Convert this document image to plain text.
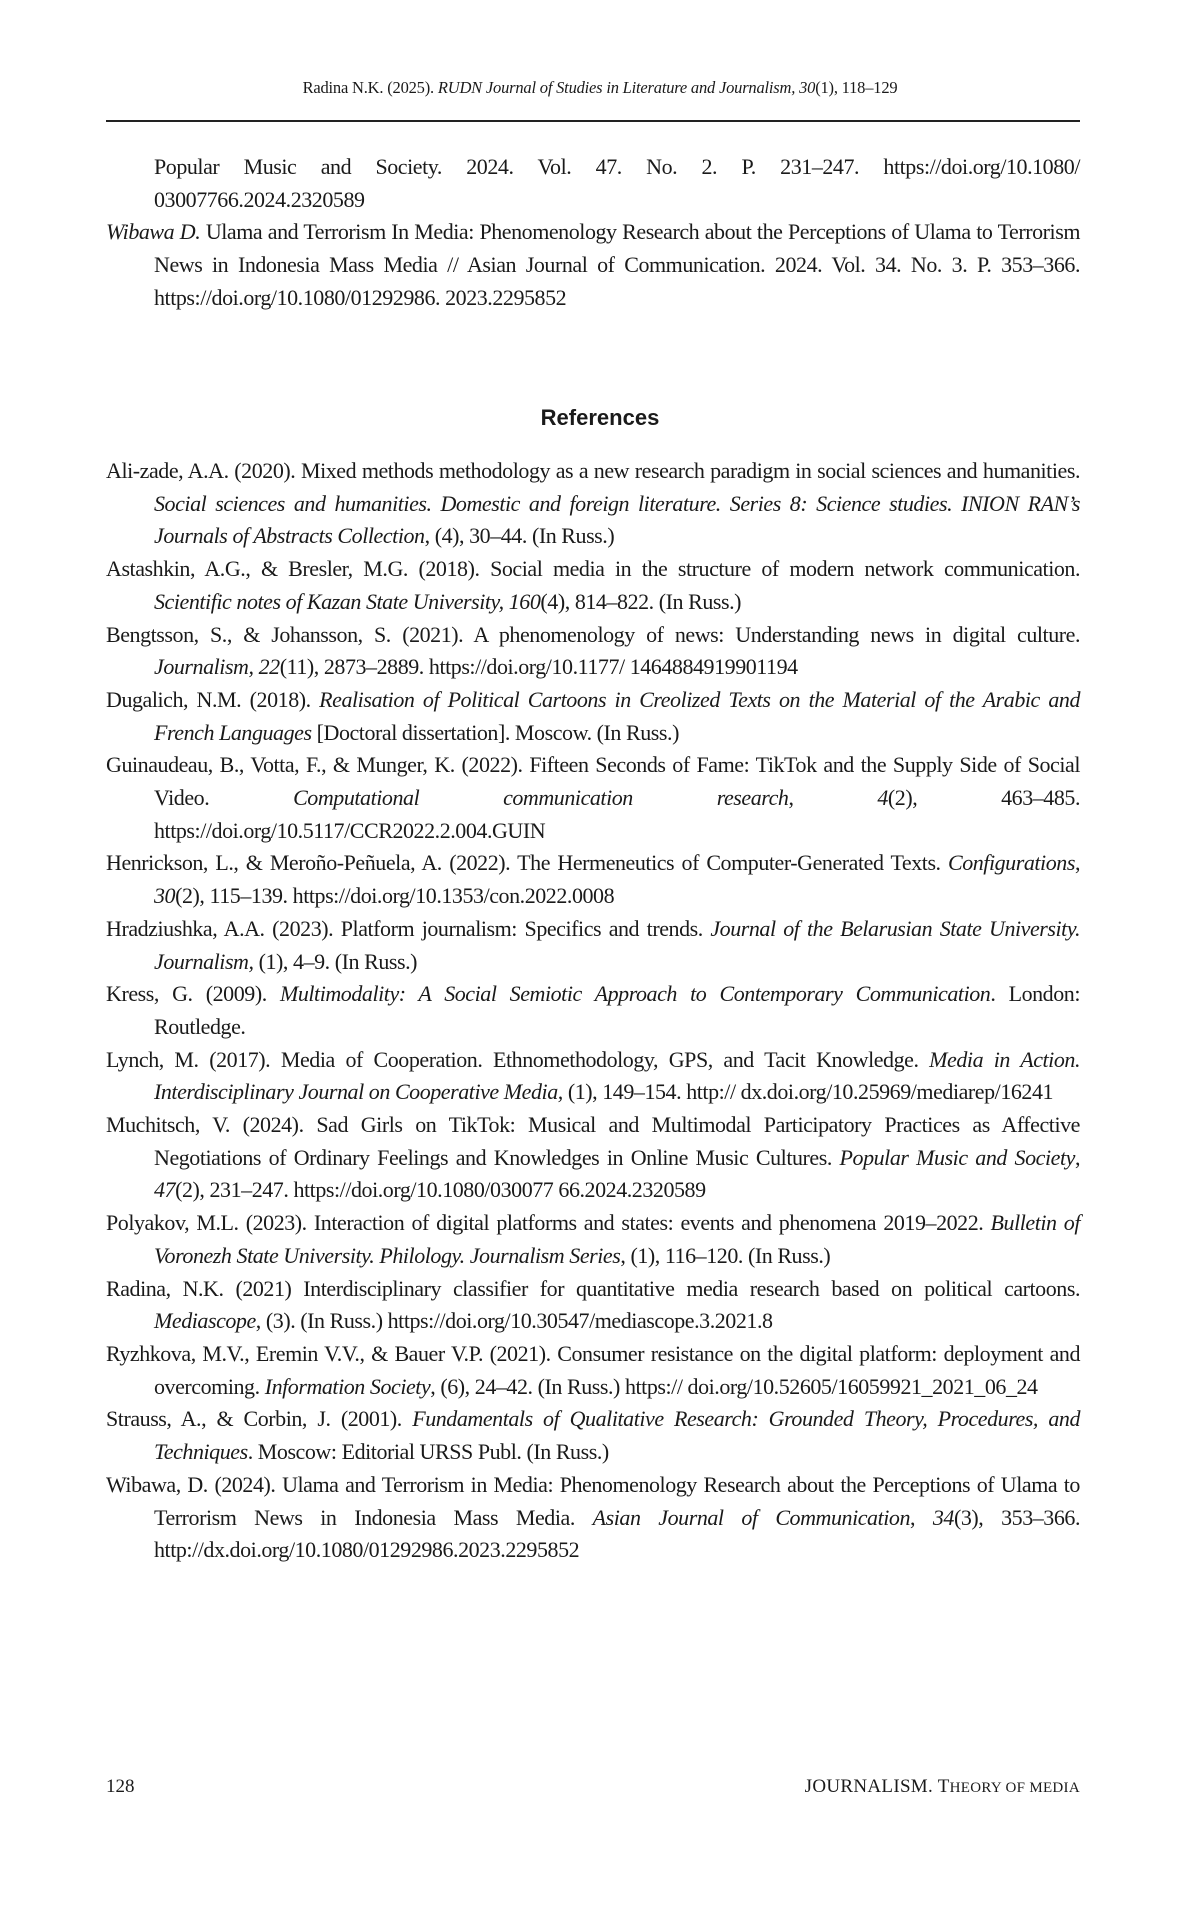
Radina N.K. (2025). RUDN Journal of Studies in Literature and Journalism, 30(1), 118–129
Popular Music and Society. 2024. Vol. 47. No. 2. P. 231–247. https://doi.org/10.1080/ 03007766.2024.2320589
Wibawa D. Ulama and Terrorism In Media: Phenomenology Research about the Perceptions of Ulama to Terrorism News in Indonesia Mass Media // Asian Journal of Communication. 2024. Vol. 34. No. 3. P. 353–366. https://doi.org/10.1080/01292986. 2023.2295852
References
Ali-zade, A.A. (2020). Mixed methods methodology as a new research paradigm in social sciences and humanities. Social sciences and humanities. Domestic and foreign literature. Series 8: Science studies. INION RAN’s Journals of Abstracts Collection, (4), 30–44. (In Russ.)
Astashkin, A.G., & Bresler, M.G. (2018). Social media in the structure of modern network communication. Scientific notes of Kazan State University, 160(4), 814–822. (In Russ.)
Bengtsson, S., & Johansson, S. (2021). A phenomenology of news: Understanding news in digital culture. Journalism, 22(11), 2873–2889. https://doi.org/10.1177/ 1464884919901194
Dugalich, N.M. (2018). Realisation of Political Cartoons in Creolized Texts on the Material of the Arabic and French Languages [Doctoral dissertation]. Moscow. (In Russ.)
Guinaudeau, B., Votta, F., & Munger, K. (2022). Fifteen Seconds of Fame: TikTok and the Supply Side of Social Video. Computational communication research, 4(2), 463–485. https://doi.org/10.5117/CCR2022.2.004.GUIN
Henrickson, L., & Meroño-Peñuela, A. (2022). The Hermeneutics of Computer-Generated Texts. Configurations, 30(2), 115–139. https://doi.org/10.1353/con.2022.0008
Hradziushka, A.A. (2023). Platform journalism: Specifics and trends. Journal of the Belarusian State University. Journalism, (1), 4–9. (In Russ.)
Kress, G. (2009). Multimodality: A Social Semiotic Approach to Contemporary Communication. London: Routledge.
Lynch, M. (2017). Media of Cooperation. Ethnomethodology, GPS, and Tacit Knowledge. Media in Action. Interdisciplinary Journal on Cooperative Media, (1), 149–154. http:// dx.doi.org/10.25969/mediarep/16241
Muchitsch, V. (2024). Sad Girls on TikTok: Musical and Multimodal Participatory Practices as Affective Negotiations of Ordinary Feelings and Knowledges in Online Music Cultures. Popular Music and Society, 47(2), 231–247. https://doi.org/10.1080/030077 66.2024.2320589
Polyakov, M.L. (2023). Interaction of digital platforms and states: events and phenomena 2019–2022. Bulletin of Voronezh State University. Philology. Journalism Series, (1), 116–120. (In Russ.)
Radina, N.K. (2021) Interdisciplinary classifier for quantitative media research based on political cartoons. Mediascope, (3). (In Russ.) https://doi.org/10.30547/mediascope.3.2021.8
Ryzhkova, M.V., Eremin V.V., & Bauer V.P. (2021). Consumer resistance on the digital platform: deployment and overcoming. Information Society, (6), 24–42. (In Russ.) https:// doi.org/10.52605/16059921_2021_06_24
Strauss, A., & Corbin, J. (2001). Fundamentals of Qualitative Research: Grounded Theory, Procedures, and Techniques. Moscow: Editorial URSS Publ. (In Russ.)
Wibawa, D. (2024). Ulama and Terrorism in Media: Phenomenology Research about the Perceptions of Ulama to Terrorism News in Indonesia Mass Media. Asian Journal of Communication, 34(3), 353–366. http://dx.doi.org/10.1080/01292986.2023.2295852
128	JOURNALISM. THEORY OF MEDIA
